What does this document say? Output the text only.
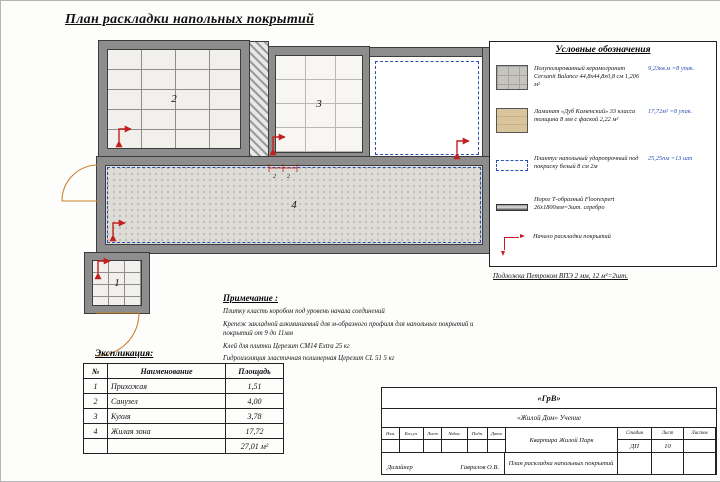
План раскладки напольных покрытий
2	3
4
1
2 2
Условные обозначения
Полуполированный керамогранит Cersanit Balance 44,8x44,8x0,8 см 1,206 м²
9,23кв.м =8 упак.
Ламинат «Дуб Каменский» 33 класса толщина 8 мм с фаской 2,22 м²
17,72м² =8 упак.
Плинтус напольный ударопрочный под покраску белый 8 см 2м
25,25пм =13 шт
Порог Т-образный Floorexpert 26х1800мм=3шт. серебро
Начало раскладки покрытий
Подложка Петроком ВПЭ 2 мм, 12 м²=2шт.

Примечание :

Плитку класть коробом под уровень начала соединений

Крепеж закладной алюминиевый для м-образного профиля для напольных покрытий и покрытий от 9 до 11мм

Клей для плитки Церезит СМ14 Extra 25 кг

Гидроизоляция эластичная полимерная Церезит CL 51 5 кг

Экспликация:
№	Наименование	Площадь
1	Прихожая	1,51
2	Санузел	4,00
3	Кухня	3,78
4	Жилая зона	17,72
		27,01 м²
«ГрВ»
«Жилой Дом» Учение
Изм.	Кол.уч.	Лист	№док.	Подп.	Дата
Квартира Жилой Парк
Стадия	Лист	Листов
ДП	10
Дизайнер	Гаврилов О.В.
План раскладки напольных покрытий
